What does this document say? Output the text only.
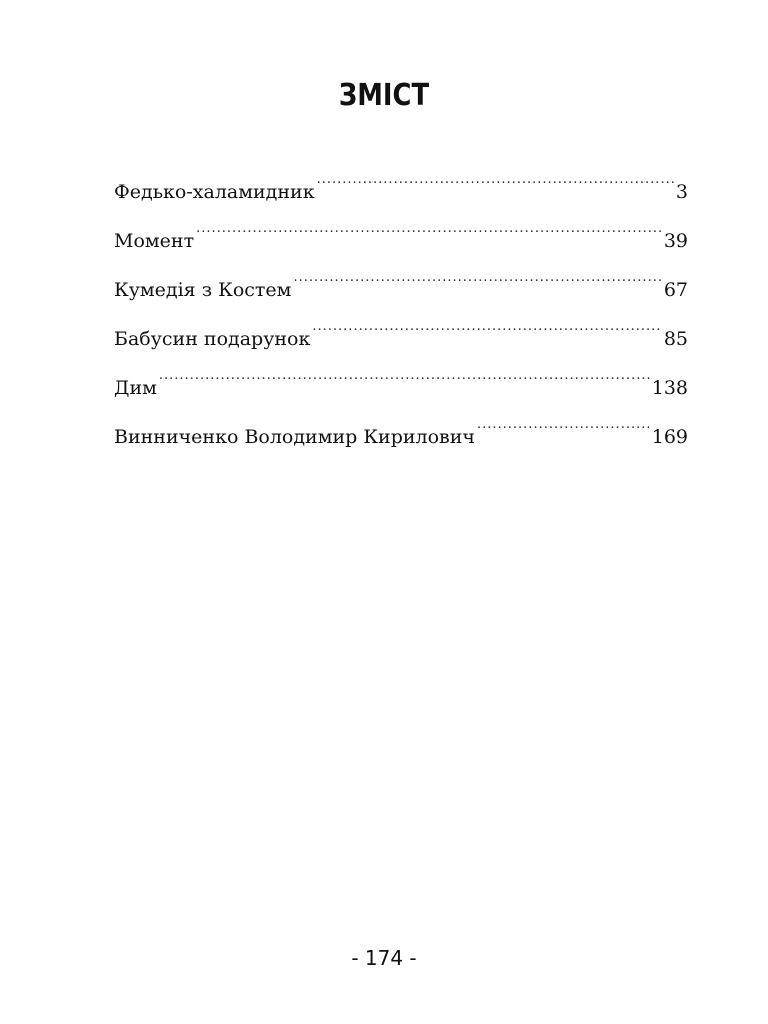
ЗМІСТ
Федько-халамидник .....	3
Момент .....	39
Кумедія з Костем .....	67
Бабусин подарунок .....	85
Дим .....	138
Винниченко Володимир Кирилович .....	169
- 174 -
